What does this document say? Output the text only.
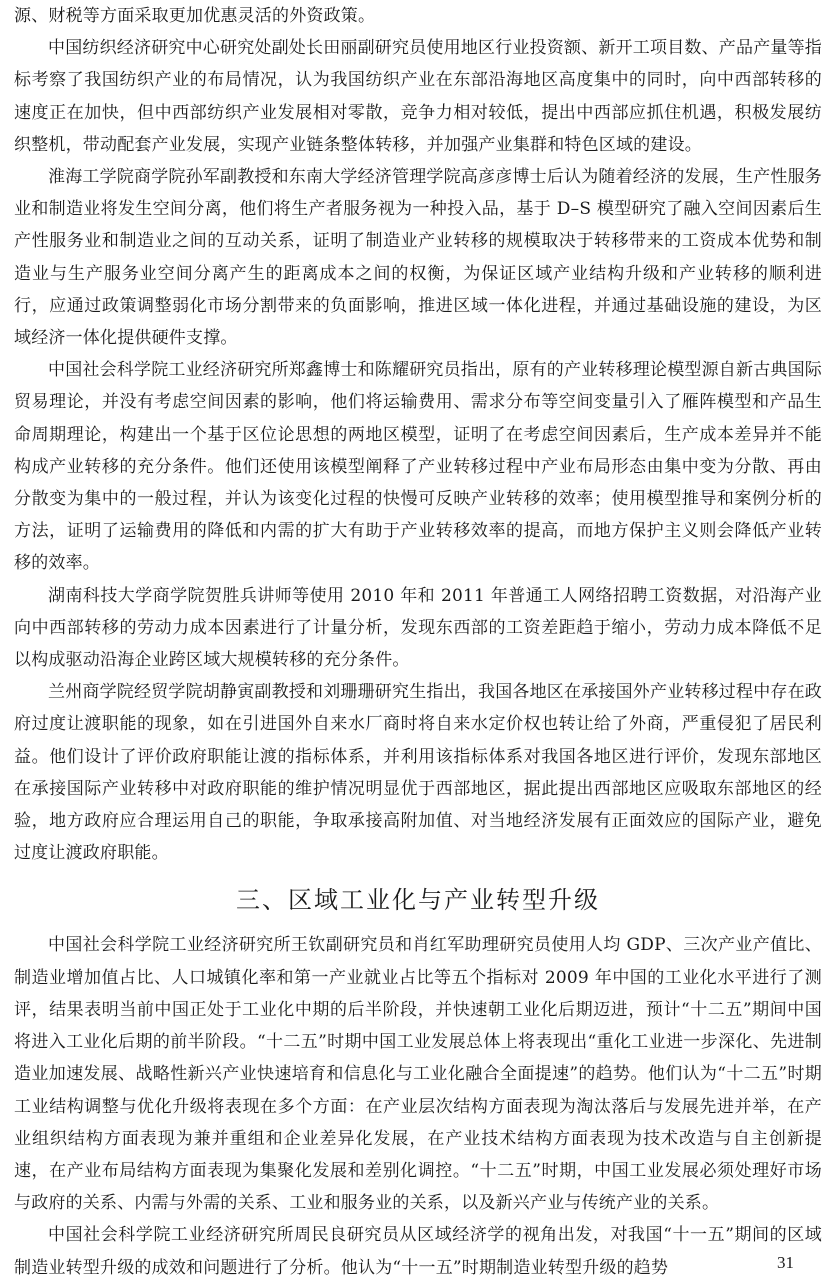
源、财税等方面采取更加优惠灵活的外资政策。

中国纺织经济研究中心研究处副处长田丽副研究员使用地区行业投资额、新开工项目数、产品产量等指标考察了我国纺织产业的布局情况，认为我国纺织产业在东部沿海地区高度集中的同时，向中西部转移的速度正在加快，但中西部纺织产业发展相对零散，竞争力相对较低，提出中西部应抓住机遇，积极发展纺织整机，带动配套产业发展，实现产业链条整体转移，并加强产业集群和特色区域的建设。

淮海工学院商学院孙军副教授和东南大学经济管理学院高彦彦博士后认为随着经济的发展，生产性服务业和制造业将发生空间分离，他们将生产者服务视为一种投入品，基于 D–S 模型研究了融入空间因素后生产性服务业和制造业之间的互动关系，证明了制造业产业转移的规模取决于转移带来的工资成本优势和制造业与生产服务业空间分离产生的距离成本之间的权衡，为保证区域产业结构升级和产业转移的顺利进行，应通过政策调整弱化市场分割带来的负面影响，推进区域一体化进程，并通过基础设施的建设，为区域经济一体化提供硬件支撑。

中国社会科学院工业经济研究所郑鑫博士和陈耀研究员指出，原有的产业转移理论模型源自新古典国际贸易理论，并没有考虑空间因素的影响，他们将运输费用、需求分布等空间变量引入了雁阵模型和产品生命周期理论，构建出一个基于区位论思想的两地区模型，证明了在考虑空间因素后，生产成本差异并不能构成产业转移的充分条件。他们还使用该模型阐释了产业转移过程中产业布局形态由集中变为分散、再由分散变为集中的一般过程，并认为该变化过程的快慢可反映产业转移的效率；使用模型推导和案例分析的方法，证明了运输费用的降低和内需的扩大有助于产业转移效率的提高，而地方保护主义则会降低产业转移的效率。

湖南科技大学商学院贺胜兵讲师等使用 2010 年和 2011 年普通工人网络招聘工资数据，对沿海产业向中西部转移的劳动力成本因素进行了计量分析，发现东西部的工资差距趋于缩小，劳动力成本降低不足以构成驱动沿海企业跨区域大规模转移的充分条件。

兰州商学院经贸学院胡静寅副教授和刘珊珊研究生指出，我国各地区在承接国外产业转移过程中存在政府过度让渡职能的现象，如在引进国外自来水厂商时将自来水定价权也转让给了外商，严重侵犯了居民利益。他们设计了评价政府职能让渡的指标体系，并利用该指标体系对我国各地区进行评价，发现东部地区在承接国际产业转移中对政府职能的维护情况明显优于西部地区，据此提出西部地区应吸取东部地区的经验，地方政府应合理运用自己的职能，争取承接高附加值、对当地经济发展有正面效应的国际产业，避免过度让渡政府职能。

三、区域工业化与产业转型升级

中国社会科学院工业经济研究所王钦副研究员和肖红军助理研究员使用人均 GDP、三次产业产值比、制造业增加值占比、人口城镇化率和第一产业就业占比等五个指标对 2009 年中国的工业化水平进行了测评，结果表明当前中国正处于工业化中期的后半阶段，并快速朝工业化后期迈进，预计“十二五”期间中国将进入工业化后期的前半阶段。“十二五”时期中国工业发展总体上将表现出“重化工业进一步深化、先进制造业加速发展、战略性新兴产业快速培育和信息化与工业化融合全面提速”的趋势。他们认为“十二五”时期工业结构调整与优化升级将表现在多个方面：在产业层次结构方面表现为淘汰落后与发展先进并举，在产业组织结构方面表现为兼并重组和企业差异化发展，在产业技术结构方面表现为技术改造与自主创新提速，在产业布局结构方面表现为集聚化发展和差别化调控。“十二五”时期，中国工业发展必须处理好市场与政府的关系、内需与外需的关系、工业和服务业的关系，以及新兴产业与传统产业的关系。

中国社会科学院工业经济研究所周民良研究员从区域经济学的视角出发，对我国“十一五”期间的区域制造业转型升级的成效和问题进行了分析。他认为“十一五”时期制造业转型升级的趋势	31
